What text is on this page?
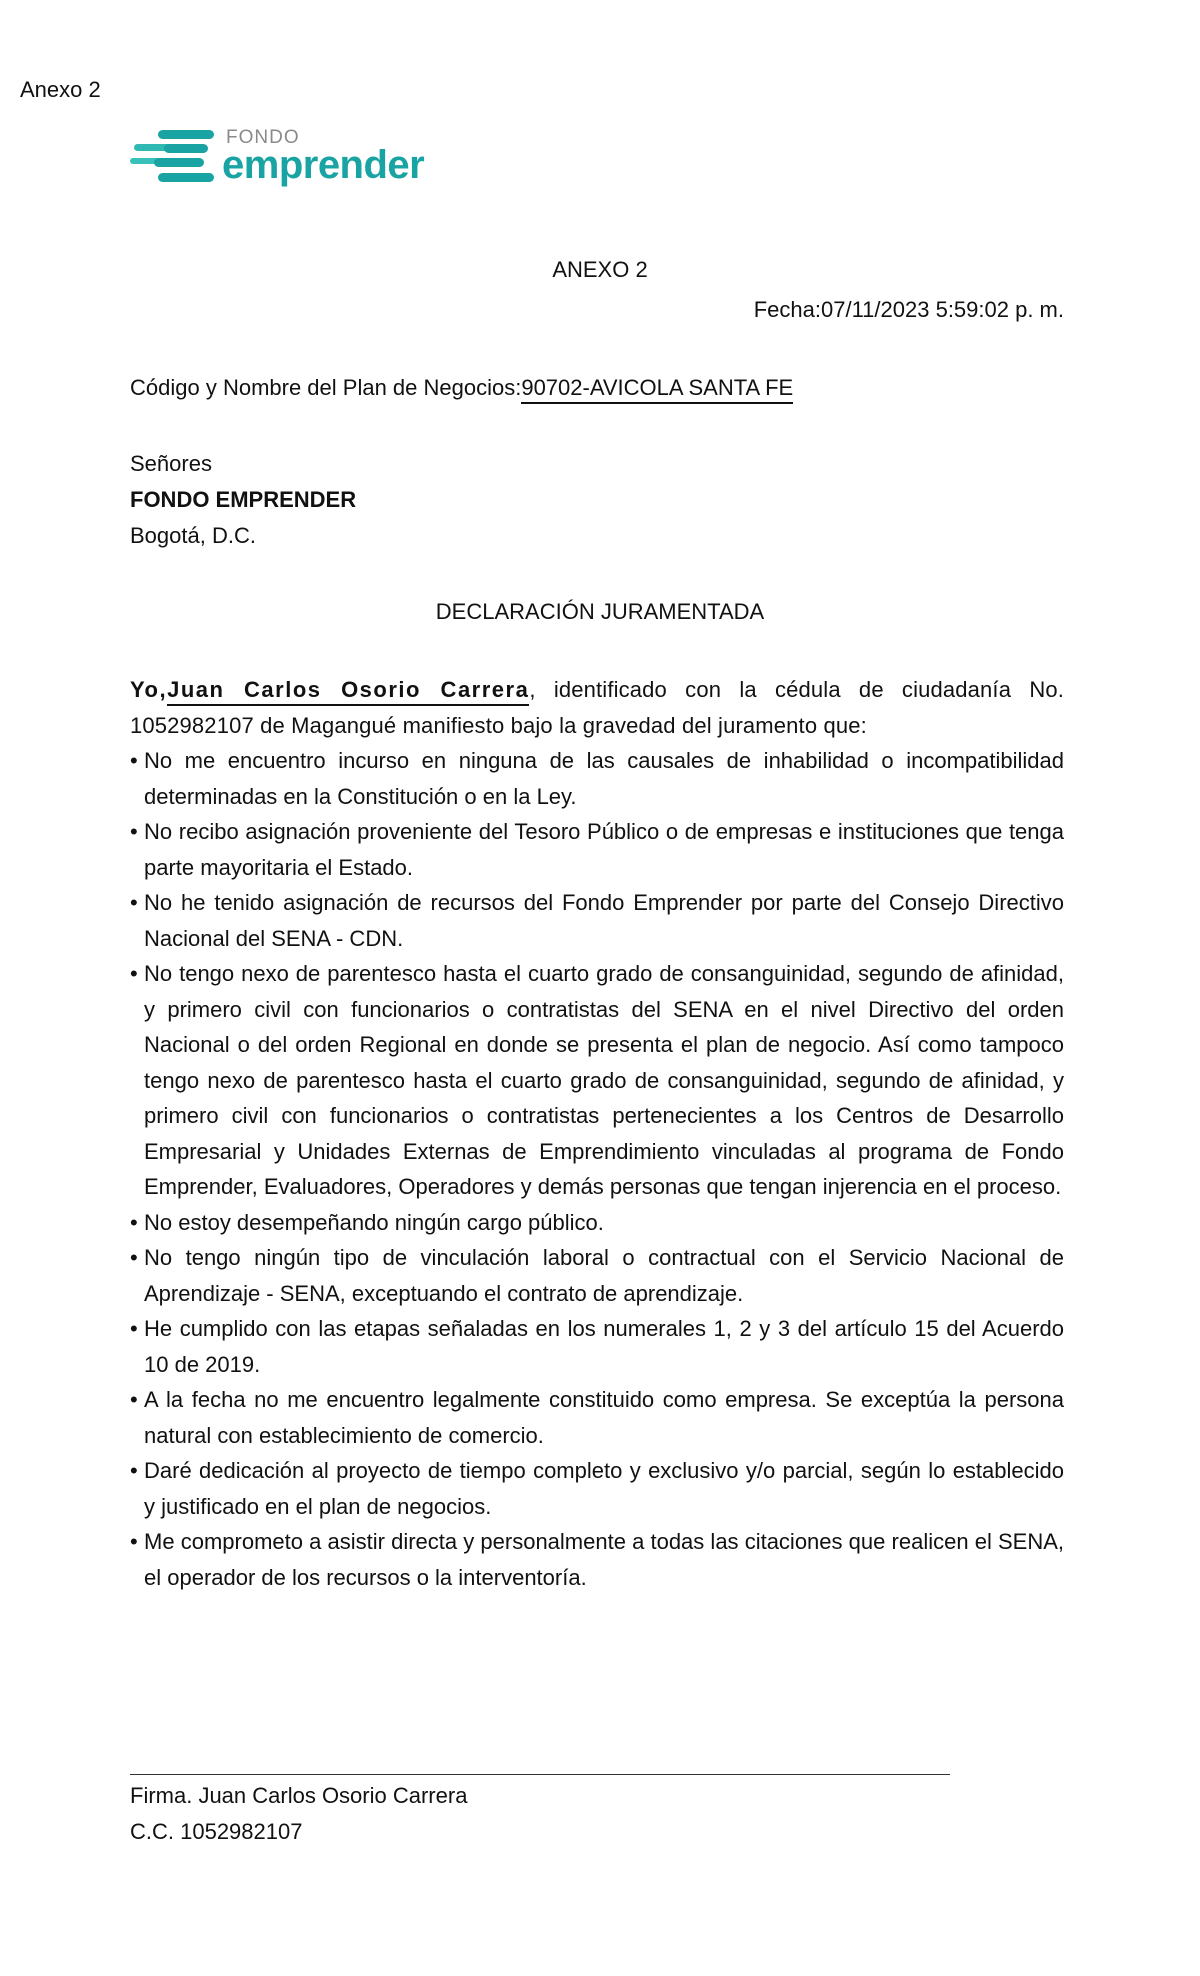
Anexo 2
FONDO
emprender
ANEXO 2
Fecha:07/11/2023 5:59:02 p. m.
Código y Nombre del Plan de Negocios:90702-AVICOLA SANTA FE
Señores
FONDO EMPRENDER
Bogotá, D.C.
DECLARACIÓN JURAMENTADA

Yo,Juan Carlos Osorio Carrera, identificado con la cédula de ciudadanía No. 1052982107 de Magangué manifiesto bajo la gravedad del juramento que:

• No me encuentro incurso en ninguna de las causales de inhabilidad o incompatibilidad determinadas en la Constitución o en la Ley.
• No recibo asignación proveniente del Tesoro Público o de empresas e instituciones que tenga parte mayoritaria el Estado.
• No he tenido asignación de recursos del Fondo Emprender por parte del Consejo Directivo Nacional del SENA - CDN.
• No tengo nexo de parentesco hasta el cuarto grado de consanguinidad, segundo de afinidad, y primero civil con funcionarios o contratistas del SENA en el nivel Directivo del orden Nacional o del orden Regional en donde se presenta el plan de negocio. Así como tampoco tengo nexo de parentesco hasta el cuarto grado de consanguinidad, segundo de afinidad, y primero civil con funcionarios o contratistas pertenecientes a los Centros de Desarrollo Empresarial y Unidades Externas de Emprendimiento vinculadas al programa de Fondo Emprender, Evaluadores, Operadores y demás personas que tengan injerencia en el proceso.
• No estoy desempeñando ningún cargo público.
• No tengo ningún tipo de vinculación laboral o contractual con el Servicio Nacional de Aprendizaje - SENA, exceptuando el contrato de aprendizaje.
• He cumplido con las etapas señaladas en los numerales 1, 2 y 3 del artículo 15 del Acuerdo 10 de 2019.
• A la fecha no me encuentro legalmente constituido como empresa. Se exceptúa la persona natural con establecimiento de comercio.
• Daré dedicación al proyecto de tiempo completo y exclusivo y/o parcial, según lo establecido y justificado en el plan de negocios.
• Me comprometo a asistir directa y personalmente a todas las citaciones que realicen el SENA, el operador de los recursos o la interventoría.
Firma. Juan Carlos Osorio Carrera
C.C. 1052982107
